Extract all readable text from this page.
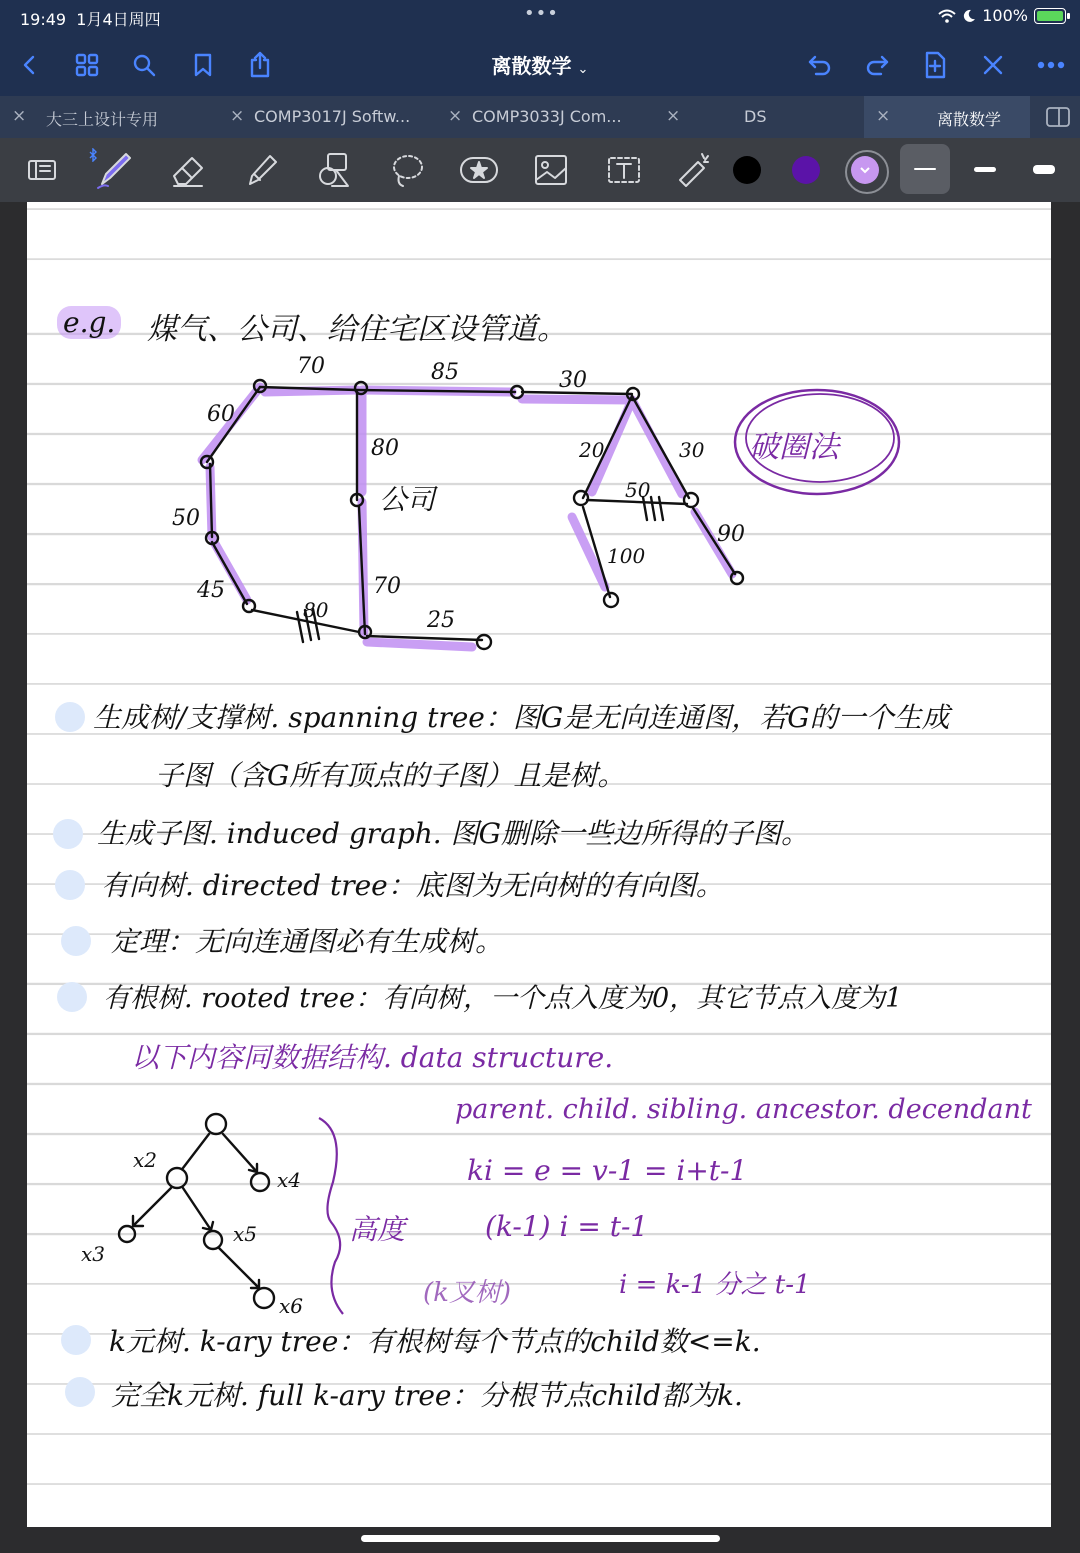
19:49 1月4日周四	•••	100%
离散数学 ⌄
× 大三上设计专用	× COMP3017J Softw... × COMP3033J Com...	×	DS	×	离散数学
e.g. 煤气、公司、给住宅区设管道。
70	85	30
60
80
50
45
80
70
25
20	30
50
100
90
公司
破圈法
生成树/支撑树. spanning tree：图G是无向连通图，若G的一个生成
子图（含G所有顶点的子图）且是树。
生成子图. induced graph. 图G删除一些边所得的子图。
有向树. directed tree：底图为无向树的有向图。
定理：无向连通图必有生成树。
有根树. rooted tree：有向树，一个点入度为0，其它节点入度为1
以下内容同数据结构. data structure.
x2
x4
x3
x5
x6
高度
parent. child. sibling. ancestor. decendant
ki = e = v-1 = i+t-1
(k-1) i = t-1
(k叉树)	i = k-1 分之 t-1
k元树. k-ary tree：有根树每个节点的child数<=k.
完全k元树. full k-ary tree：分根节点child都为k.
